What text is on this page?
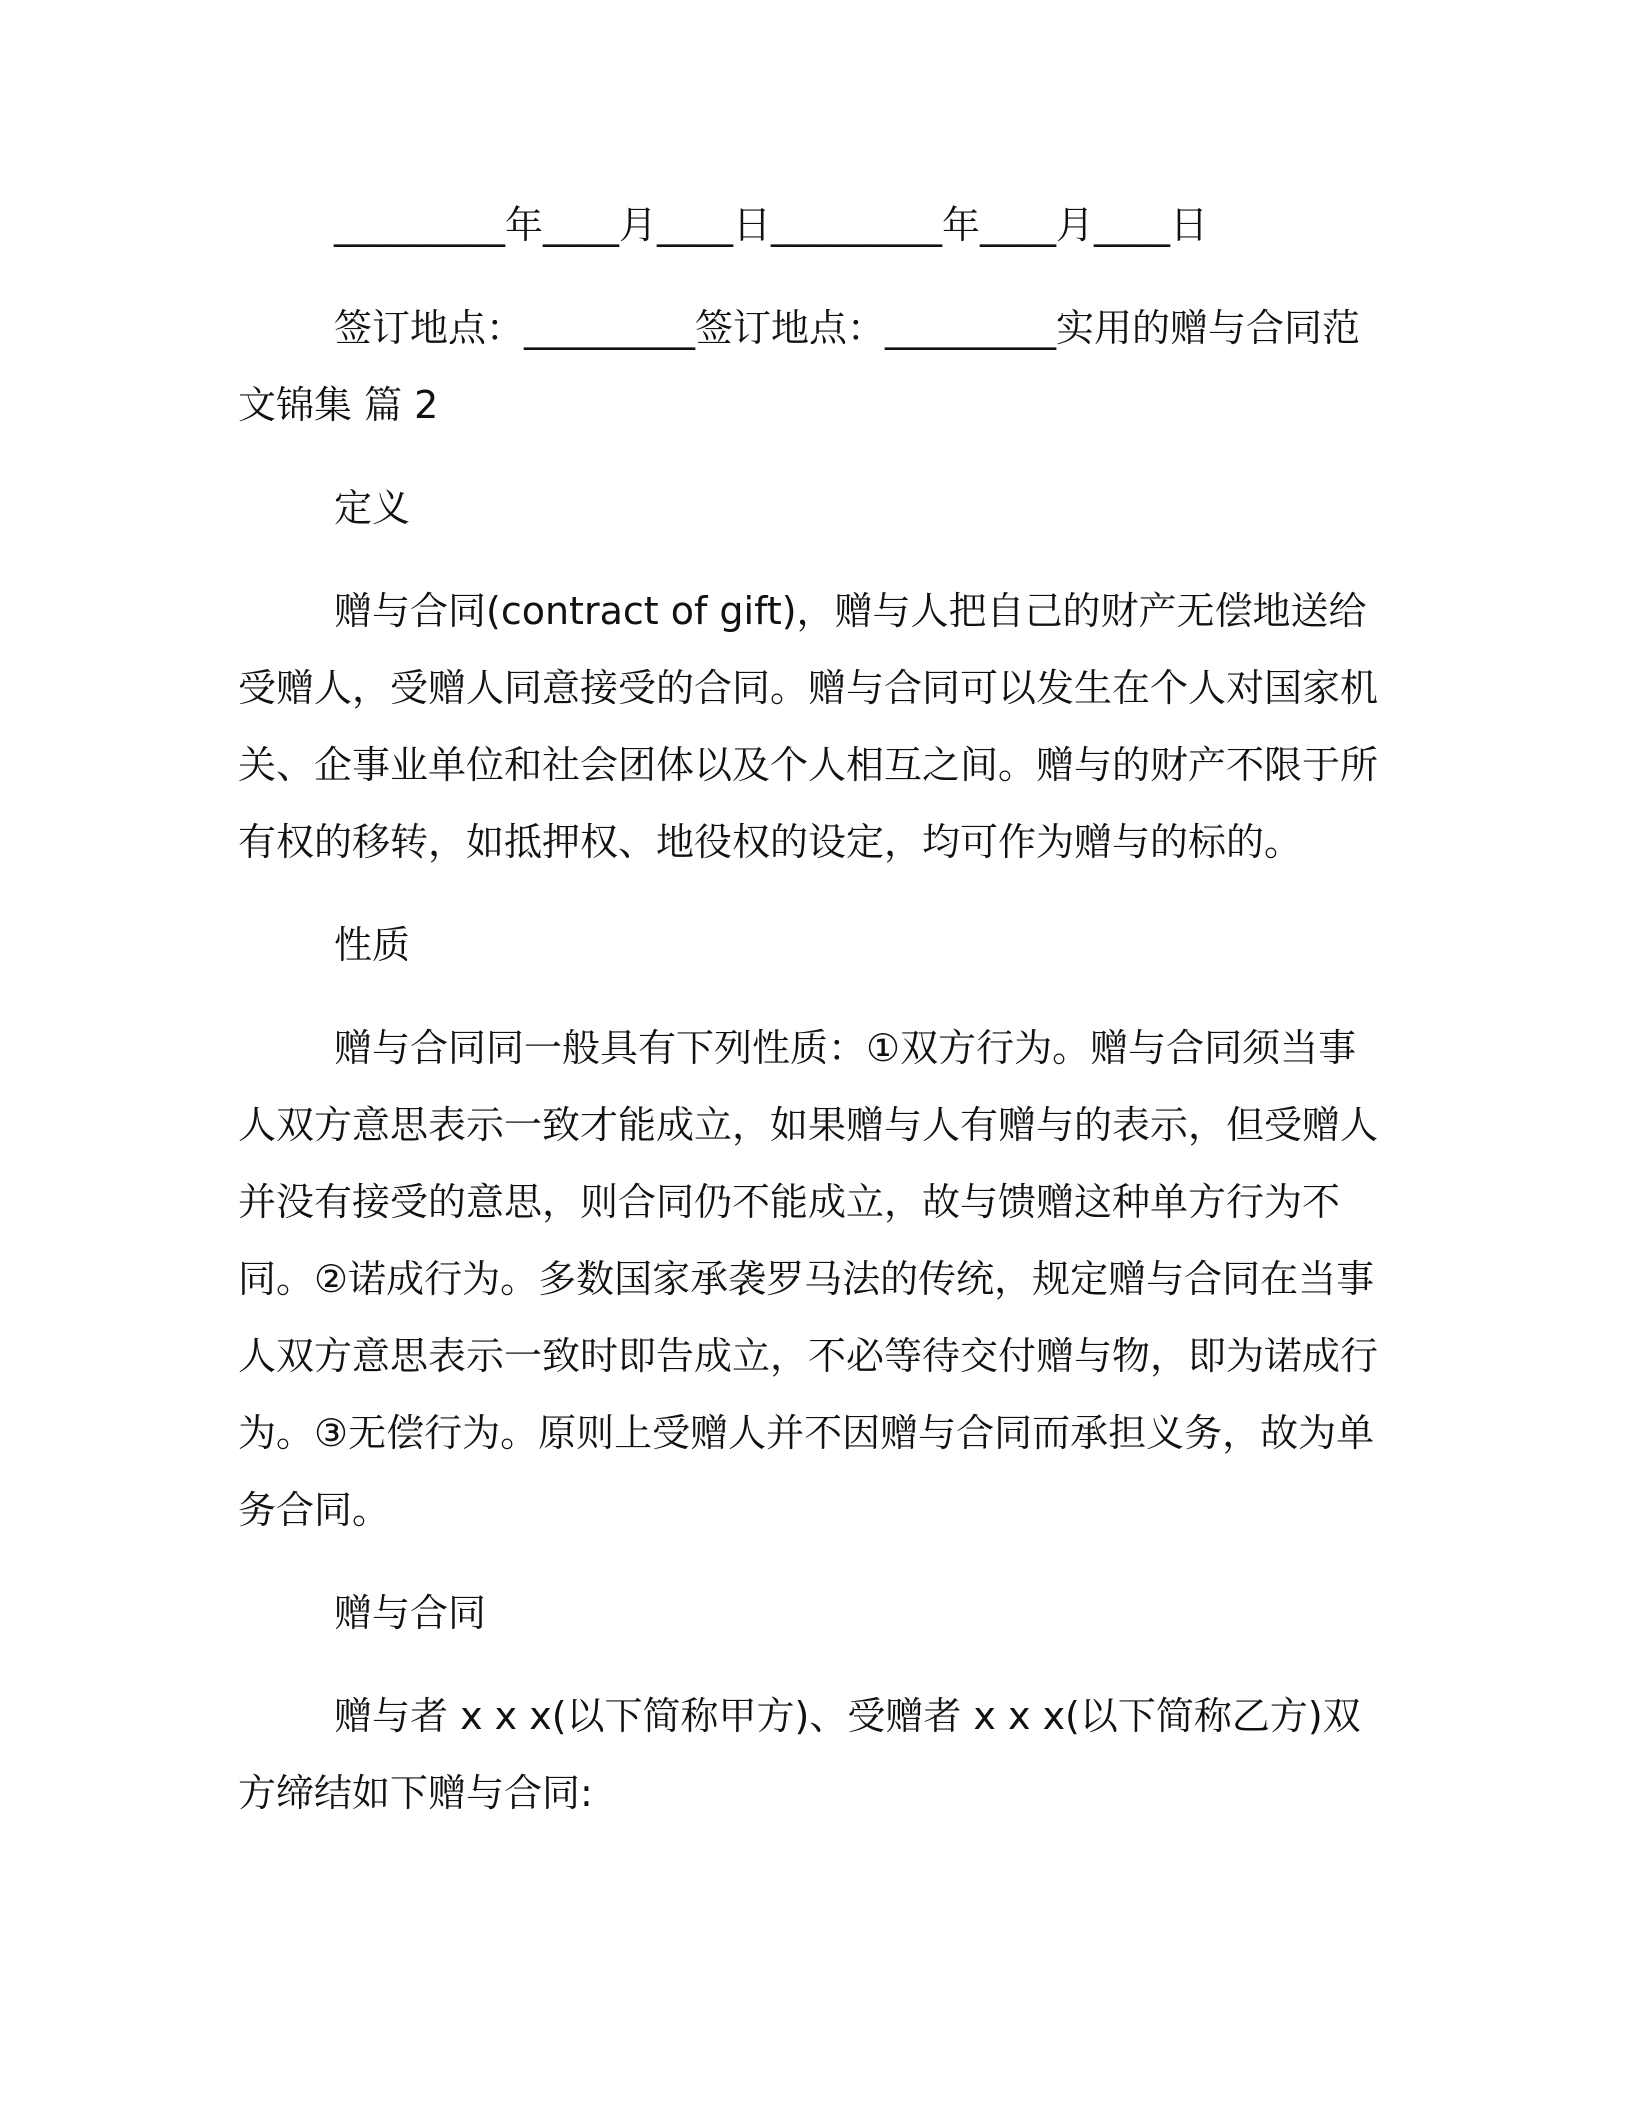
_________年____月____日_________年____月____日

签订地点：_________签订地点：_________实用的赠与合同范文锦集 篇 2

定义

赠与合同(contract of gift)，赠与人把自己的财产无偿地送给受赠人，受赠人同意接受的合同。赠与合同可以发生在个人对国家机关、企事业单位和社会团体以及个人相互之间。赠与的财产不限于所有权的移转，如抵押权、地役权的设定，均可作为赠与的标的。

性质

赠与合同同一般具有下列性质：①双方行为。赠与合同须当事人双方意思表示一致才能成立，如果赠与人有赠与的表示，但受赠人并没有接受的意思，则合同仍不能成立，故与馈赠这种单方行为不同。②诺成行为。多数国家承袭罗马法的传统，规定赠与合同在当事人双方意思表示一致时即告成立，不必等待交付赠与物，即为诺成行为。③无偿行为。原则上受赠人并不因赠与合同而承担义务，故为单务合同。

赠与合同

赠与者 x x x(以下简称甲方)、受赠者 x x x(以下简称乙方)双方缔结如下赠与合同:
